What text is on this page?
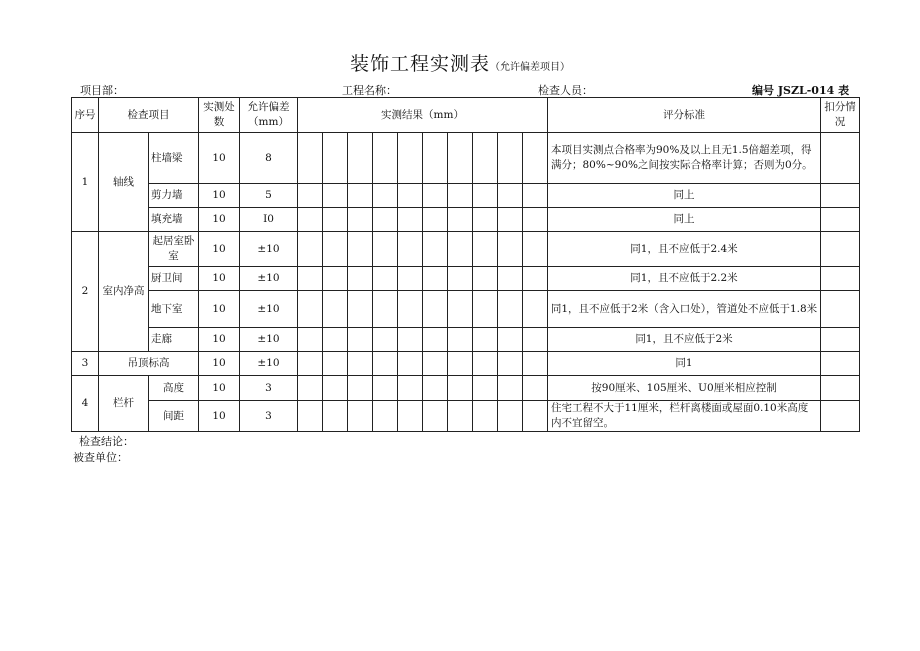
装饰工程实测表（允许偏差项目）
项目部：	工程名称：	检查人员：	编号 JSZL-014 表
序号	检查项目		实测处数	允许偏差（mm）	实测结果（mm）										评分标准	扣分情况
1	轴线	柱墙梁	10	8											本项目实测点合格率为90%及以上且无1.5倍超差项，得满分；80%~90%之间按实际合格率计算；否则为0分。	
		剪力墙	10	5											同上	
		填充墙	10	I0											同上	
2	室内净高	起居室卧室	10	±10											同1，且不应低于2.4米	
		厨卫间	10	±10											同1，且不应低于2.2米	
		地下室	10	±10											同1，且不应低于2米（含入口处），管道处不应低于1.8米	
		走廊	10	±10											同1，且不应低于2米	
3	吊顶标高		10	±10											同1	
4	栏杆	高度	10	3											按90厘米、105厘米、U0厘米相应控制	
		间距	10	3											住宅工程不大于11厘米，栏杆离楼面或屋面0.10米高度内不宜留空。	
检查结论：
被查单位：
